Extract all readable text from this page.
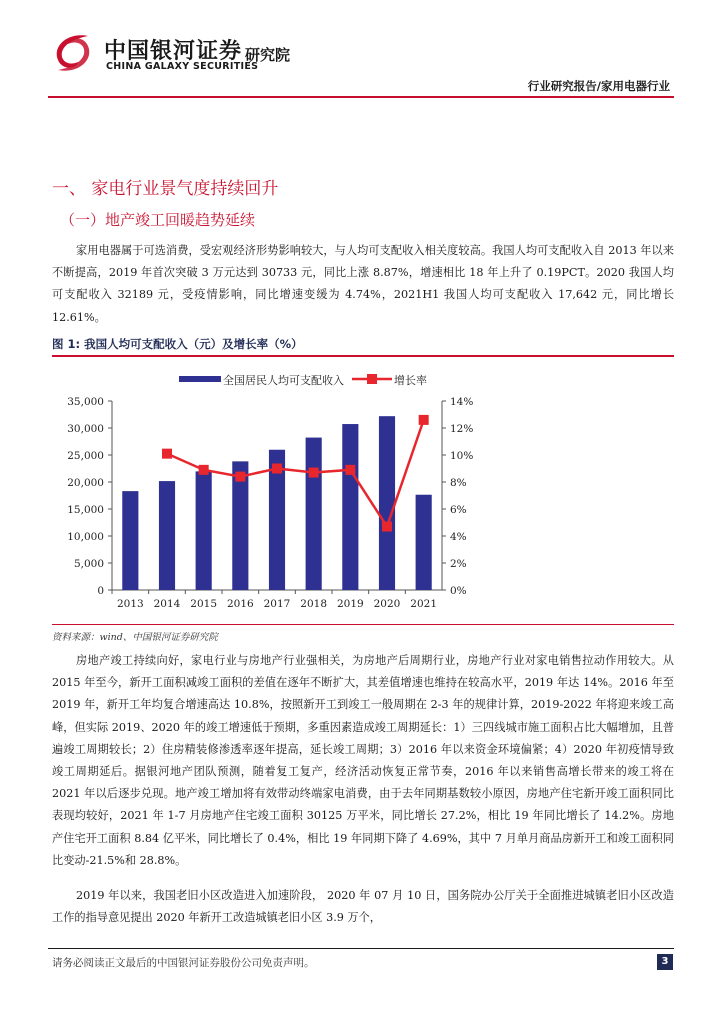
中国银河证券
CHINA GALAXY SECURITIES
研究院
行业研究报告/家用电器行业
一、 家电行业景气度持续回升
（一）地产竣工回暖趋势延续
家用电器属于可选消费，受宏观经济形势影响较大，与人均可支配收入相关度较高。我国人均可支配收入自 2013 年以来不断提高，2019 年首次突破 3 万元达到 30733 元，同比上涨 8.87%，增速相比 18 年上升了 0.19PCT。2020 我国人均可支配收入 32189 元，受疫情影响，同比增速变缓为 4.74%，2021H1 我国人均可支配收入 17,642 元，同比增长 12.61%。
图 1: 我国人均可支配收入（元）及增长率（%）
全国居民人均可支配收入	增长率
0
5,000
10,000
15,000
20,000
25,000
30,000
35,000
0%
2%
4%
6%
8%
10%
12%
14%
2013 2014 2015 2016 2017 2018 2019 2020 2021
资料来源：wind、中国银河证券研究院
房地产竣工持续向好，家电行业与房地产行业强相关，为房地产后周期行业，房地产行业对家电销售拉动作用较大。从 2015 年至今，新开工面积减竣工面积的差值在逐年不断扩大，其差值增速也维持在较高水平，2019 年达 14%。2016 年至 2019 年，新开工年均复合增速高达 10.8%，按照新开工到竣工一般周期在 2-3 年的规律计算，2019-2022 年将迎来竣工高峰，但实际 2019、2020 年的竣工增速低于预期，多重因素造成竣工周期延长：1）三四线城市施工面积占比大幅增加，且普遍竣工周期较长；2）住房精装修渗透率逐年提高，延长竣工周期；3）2016 年以来资金环境偏紧；4）2020 年初疫情导致竣工周期延后。据银河地产团队预测，随着复工复产，经济活动恢复正常节奏，2016 年以来销售高增长带来的竣工将在 2021 年以后逐步兑现。地产竣工增加将有效带动终端家电消费，由于去年同期基数较小原因，房地产住宅新开竣工面积同比表现均较好，2021 年 1-7 月房地产住宅竣工面积 30125 万平米，同比增长 27.2%，相比 19 年同比增长了 14.2%。房地产住宅开工面积 8.84 亿平米，同比增长了 0.4%，相比 19 年同期下降了 4.69%，其中 7 月单月商品房新开工和竣工面积同比变动-21.5%和 28.8%。
2019 年以来，我国老旧小区改造进入加速阶段， 2020 年 07 月 10 日，国务院办公厅关于全面推进城镇老旧小区改造工作的指导意见提出 2020 年新开工改造城镇老旧小区 3.9 万个，
请务必阅读正文最后的中国银河证券股份公司免责声明。	3
